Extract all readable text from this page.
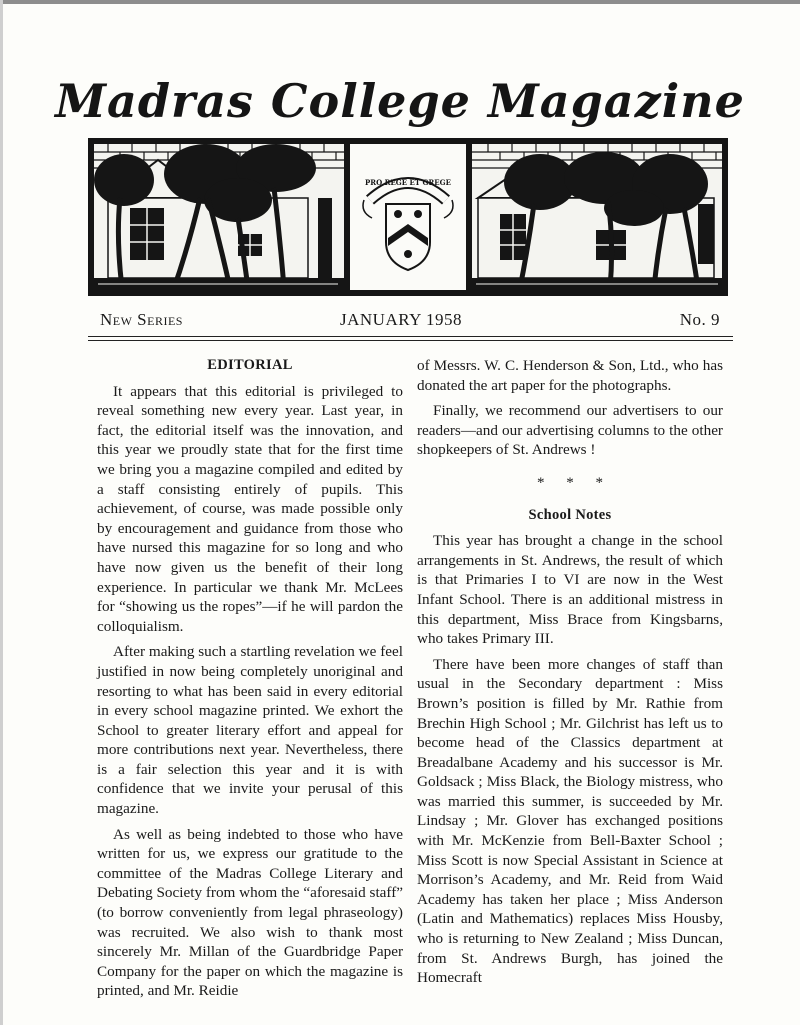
Madras College Magazine
PRO REGE ET GREGE
New Series	JANUARY 1958	No. 9
EDITORIAL

It appears that this editorial is privileged to reveal something new every year. Last year, in fact, the editorial itself was the innovation, and this year we proudly state that for the first time we bring you a magazine compiled and edited by a staff consisting entirely of pupils. This achievement, of course, was made possible only by encouragement and guidance from those who have nursed this magazine for so long and who have now given us the benefit of their long experience. In particular we thank Mr. McLees for “showing us the ropes”—if he will pardon the colloquialism.

After making such a startling revelation we feel justified in now being completely unoriginal and resorting to what has been said in every editorial in every school magazine printed. We exhort the School to greater literary effort and appeal for more contributions next year. Nevertheless, there is a fair selection this year and it is with confidence that we invite your perusal of this magazine.

As well as being indebted to those who have written for us, we express our gratitude to the committee of the Madras College Literary and Debating Society from whom the “aforesaid staff” (to borrow conveniently from legal phraseology) was recruited. We also wish to thank most sincerely Mr. Millan of the Guardbridge Paper Company for the paper on which the magazine is printed, and Mr. Reidie

of Messrs. W. C. Henderson & Son, Ltd., who has donated the art paper for the photographs.

Finally, we recommend our advertisers to our readers—and our advertising columns to the other shopkeepers of St. Andrews !

* * *
School Notes

This year has brought a change in the school arrangements in St. Andrews, the result of which is that Primaries I to VI are now in the West Infant School. There is an additional mistress in this department, Miss Brace from Kingsbarns, who takes Primary III.

There have been more changes of staff than usual in the Secondary department : Miss Brown’s position is filled by Mr. Rathie from Brechin High School ; Mr. Gilchrist has left us to become head of the Classics department at Breadalbane Academy and his successor is Mr. Goldsack ; Miss Black, the Biology mistress, who was married this summer, is succeeded by Mr. Lindsay ; Mr. Glover has exchanged positions with Mr. McKenzie from Bell-Baxter School ; Miss Scott is now Special Assistant in Science at Morrison’s Academy, and Mr. Reid from Waid Academy has taken her place ; Miss Anderson (Latin and Mathematics) replaces Miss Housby, who is returning to New Zealand ; Miss Duncan, from St. Andrews Burgh, has joined the Homecraft
